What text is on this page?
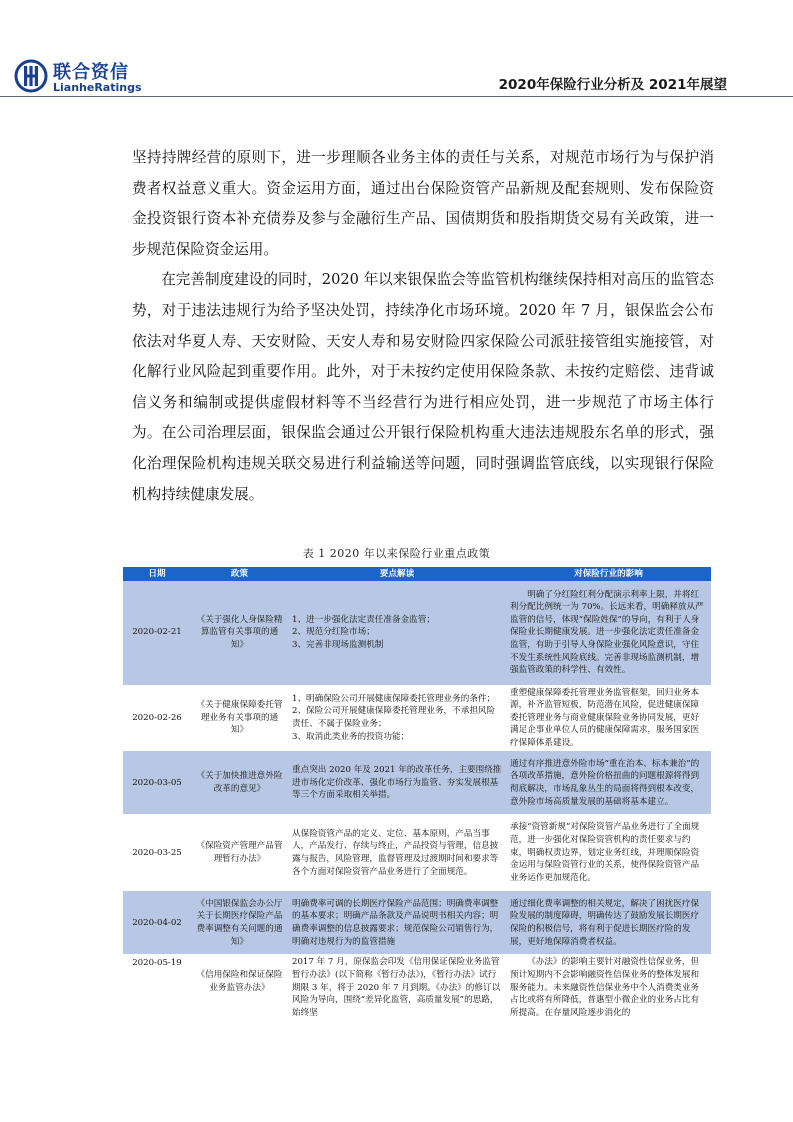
联合资信
LianheRatings	2020年保险行业分析及 2021年展望

坚持持牌经营的原则下，进一步理顺各业务主体的责任与关系，对规范市场行为与保护消费者权益意义重大。资金运用方面，通过出台保险资管产品新规及配套规则、发布保险资金投资银行资本补充债券及参与金融衍生产品、国债期货和股指期货交易有关政策，进一步规范保险资金运用。

在完善制度建设的同时，2020 年以来银保监会等监管机构继续保持相对高压的监管态势，对于违法违规行为给予坚决处罚，持续净化市场环境。2020 年 7 月，银保监会公布依法对华夏人寿、天安财险、天安人寿和易安财险四家保险公司派驻接管组实施接管，对化解行业风险起到重要作用。此外，对于未按约定使用保险条款、未按约定赔偿、违背诚信义务和编制或提供虚假材料等不当经营行为进行相应处罚，进一步规范了市场主体行为。在公司治理层面，银保监会通过公开银行保险机构重大违法违规股东名单的形式，强化治理保险机构违规关联交易进行利益输送等问题，同时强调监管底线，以实现银行保险机构持续健康发展。

表 1 2020 年以来保险行业重点政策
日期	政策	要点解读	对保险行业的影响
2020-02-21	《关于强化人身保险精算监管有关事项的通知》	1、进一步强化法定责任准备金监管；
2、规范分红险市场；
3、完善非现场监测机制	明确了分红险红利分配演示利率上限，并将红利分配比例统一为 70%。长远来看，明确释放从严监管的信号，体现“保险姓保”的导向，有利于人身保险业长期健康发展。进一步强化法定责任准备金监管，有助于引导人身保险业强化风险意识，守住不发生系统性风险底线。完善非现场监测机制，增强监管政策的科学性、有效性。
2020-02-26	《关于健康保障委托管理业务有关事项的通知》	1、明确保险公司开展健康保障委托管理业务的条件；
2、保险公司开展健康保障委托管理业务，不承担风险责任、不属于保险业务；
3、取消此类业务的投资功能；	重塑健康保障委托管理业务监管框架，回归业务本源，补齐监管短板，防范潜在风险，促进健康保障委托管理业务与商业健康保险业务协同发展，更好满足企事业单位人员的健康保障需求，服务国家医疗保障体系建设。
2020-03-05	《关于加快推进意外险改革的意见》	重点突出 2020 年及 2021 年的改革任务，主要围绕推进市场化定价改革、强化市场行为监管、夯实发展根基等三个方面采取相关举措。	通过有序推进意外险市场“重在治本、标本兼治”的各项改革措施，意外险价格扭曲的问题根源将得到彻底解决，市场乱象丛生的局面将得到根本改变，意外险市场高质量发展的基础将基本建立。
2020-03-25	《保险资产管理产品管理暂行办法》	从保险资管产品的定义、定位、基本原则，产品当事人，产品发行、存续与终止，产品投资与管理，信息披露与报告，风险管理，监督管理及过渡期时间和要求等各个方面对保险资管产品业务进行了全面规范。	承接“资管新规”对保险资管产品业务进行了全面规范，进一步强化对保险资管机构的责任要求与约束，明确权责边界，划定业务红线，并理顺保险资金运用与保险资管行业的关系，使得保险资管产品业务运作更加规范化。
2020-04-02	《中国银保监会办公厅关于长期医疗保险产品费率调整有关问题的通知》	明确费率可调的长期医疗保险产品范围；明确费率调整的基本要求；明确产品条款及产品说明书相关内容；明确费率调整的信息披露要求；规范保险公司销售行为，明确对违规行为的监管措施	通过细化费率调整的相关规定，解决了困扰医疗保险发展的制度障碍，明确传达了鼓励发展长期医疗保险的积极信号，将有利于促进长期医疗险的发展，更好地保障消费者权益。
2020-05-19	《信用保险和保证保险业务监管办法》	2017 年 7 月，原保监会印发《信用保证保险业务监管暂行办法》(以下简称《暂行办法》)，《暂行办法》试行期限 3 年，将于 2020 年 7 月到期。《办法》的修订以风险为导向，围绕“差异化监管，高质量发展”的思路，始终坚	《办法》的影响主要针对融资性信保业务，但预计短期内不会影响融资性信保业务的整体发展和服务能力。未来融资性信保业务中个人消费类业务占比或将有所降低，普惠型小微企业的业务占比有所提高。在存量风险逐步消化的
